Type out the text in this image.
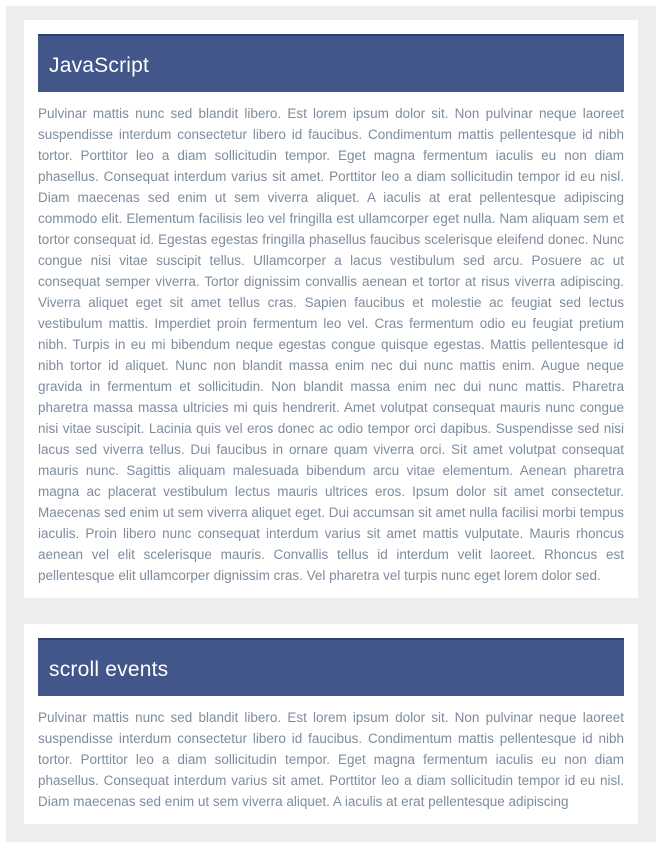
JavaScript

Pulvinar mattis nunc sed blandit libero. Est lorem ipsum dolor sit. Non pulvinar neque laoreet suspendisse interdum consectetur libero id faucibus. Condimentum mattis pellentesque id nibh tortor. Porttitor leo a diam sollicitudin tempor. Eget magna fermentum iaculis eu non diam phasellus. Consequat interdum varius sit amet. Porttitor leo a diam sollicitudin tempor id eu nisl. Diam maecenas sed enim ut sem viverra aliquet. A iaculis at erat pellentesque adipiscing commodo elit. Elementum facilisis leo vel fringilla est ullamcorper eget nulla. Nam aliquam sem et tortor consequat id. Egestas egestas fringilla phasellus faucibus scelerisque eleifend donec. Nunc congue nisi vitae suscipit tellus. Ullamcorper a lacus vestibulum sed arcu. Posuere ac ut consequat semper viverra. Tortor dignissim convallis aenean et tortor at risus viverra adipiscing. Viverra aliquet eget sit amet tellus cras. Sapien faucibus et molestie ac feugiat sed lectus vestibulum mattis. Imperdiet proin fermentum leo vel. Cras fermentum odio eu feugiat pretium nibh. Turpis in eu mi bibendum neque egestas congue quisque egestas. Mattis pellentesque id nibh tortor id aliquet. Nunc non blandit massa enim nec dui nunc mattis enim. Augue neque gravida in fermentum et sollicitudin. Non blandit massa enim nec dui nunc mattis. Pharetra pharetra massa massa ultricies mi quis hendrerit. Amet volutpat consequat mauris nunc congue nisi vitae suscipit. Lacinia quis vel eros donec ac odio tempor orci dapibus. Suspendisse sed nisi lacus sed viverra tellus. Dui faucibus in ornare quam viverra orci. Sit amet volutpat consequat mauris nunc. Sagittis aliquam malesuada bibendum arcu vitae elementum. Aenean pharetra magna ac placerat vestibulum lectus mauris ultrices eros. Ipsum dolor sit amet consectetur. Maecenas sed enim ut sem viverra aliquet eget. Dui accumsan sit amet nulla facilisi morbi tempus iaculis. Proin libero nunc consequat interdum varius sit amet mattis vulputate. Mauris rhoncus aenean vel elit scelerisque mauris. Convallis tellus id interdum velit laoreet. Rhoncus est pellentesque elit ullamcorper dignissim cras. Vel pharetra vel turpis nunc eget lorem dolor sed.

scroll events

Pulvinar mattis nunc sed blandit libero. Est lorem ipsum dolor sit. Non pulvinar neque laoreet suspendisse interdum consectetur libero id faucibus. Condimentum mattis pellentesque id nibh tortor. Porttitor leo a diam sollicitudin tempor. Eget magna fermentum iaculis eu non diam phasellus. Consequat interdum varius sit amet. Porttitor leo a diam sollicitudin tempor id eu nisl. Diam maecenas sed enim ut sem viverra aliquet. A iaculis at erat pellentesque adipiscing
